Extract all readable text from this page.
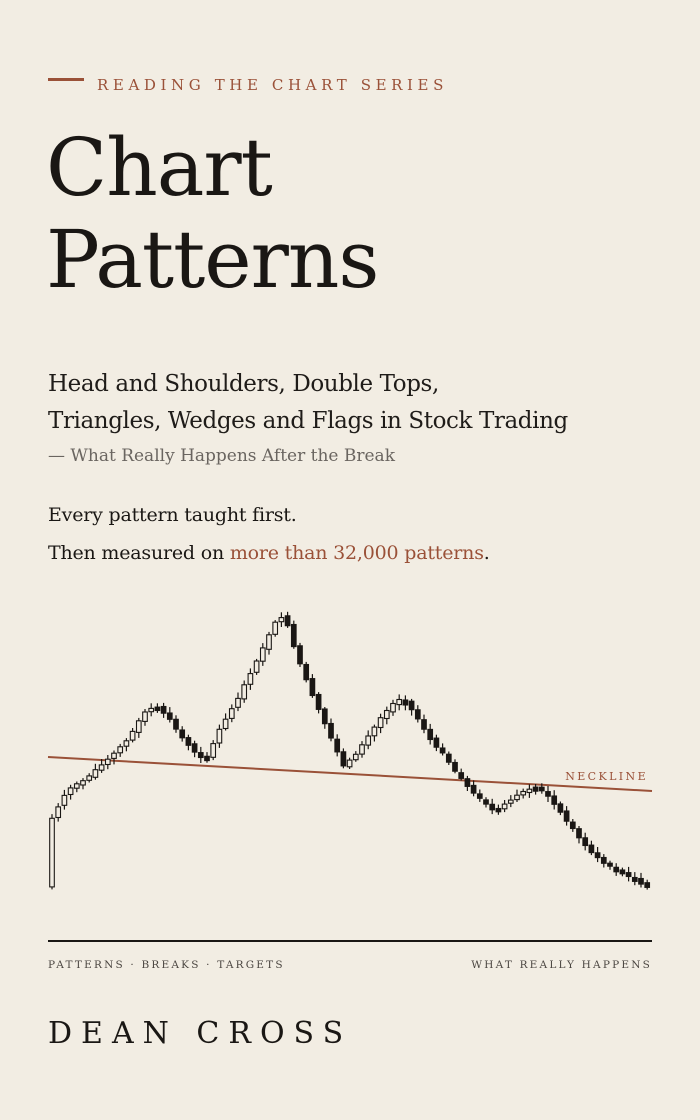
READING THE CHART SERIES
Chart
Patterns
Head and Shoulders, Double Tops,
Triangles, Wedges and Flags in Stock Trading
— What Really Happens After the Break
Every pattern taught first.
Then measured on more than 32,000 patterns.
NECKLINE
PATTERNS · BREAKS · TARGETS	WHAT REALLY HAPPENS
DEAN CROSS
